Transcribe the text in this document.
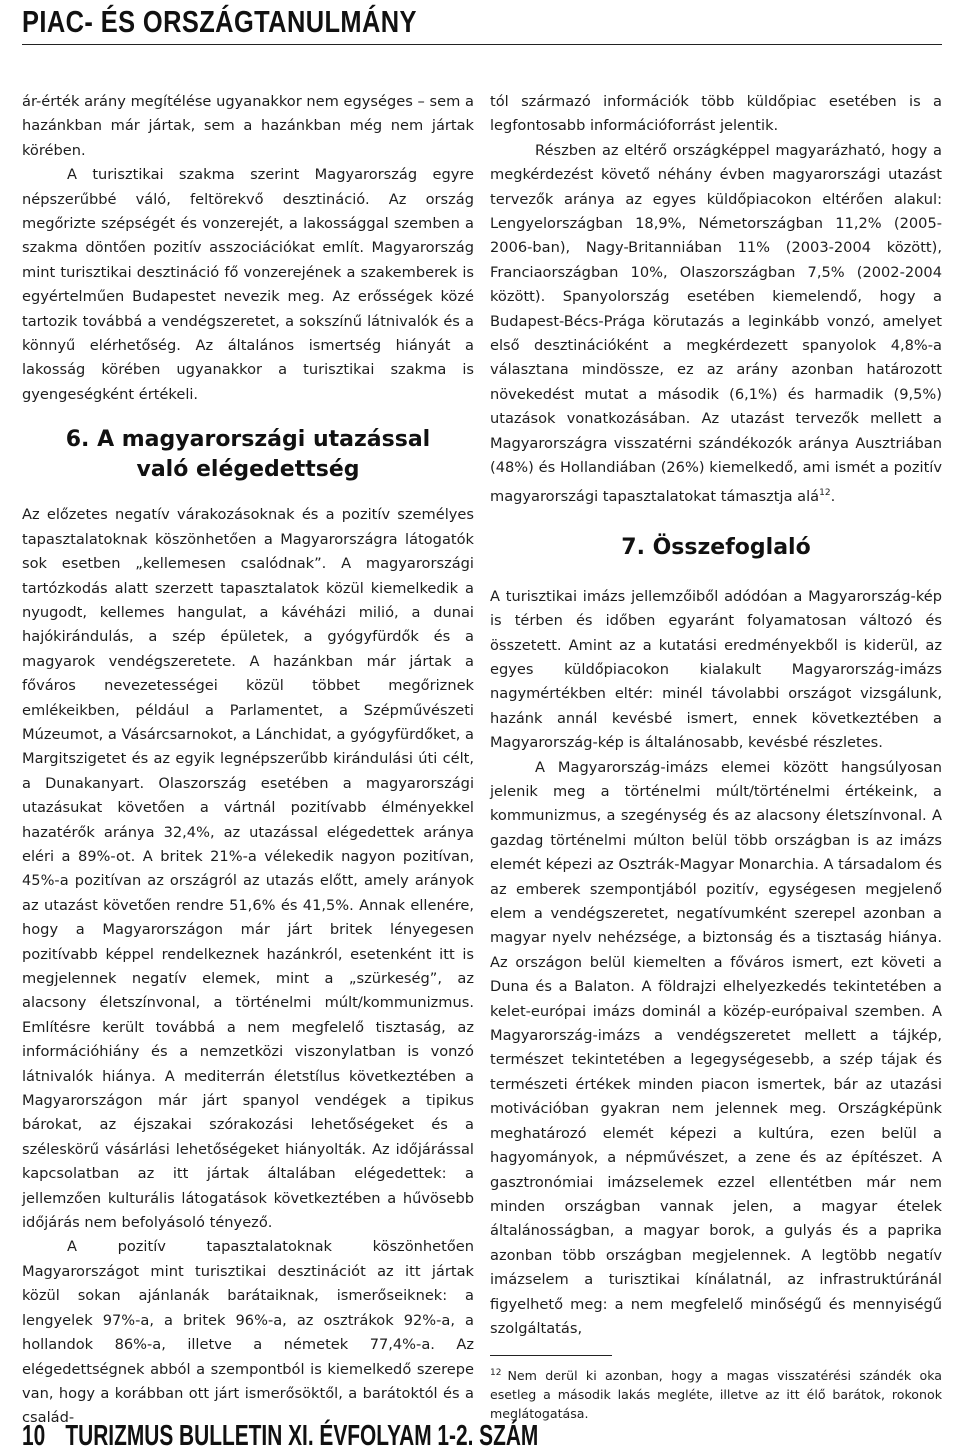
PIAC- ÉS ORSZÁGTANULMÁNY

ár-érték arány megítélése ugyanakkor nem egységes – sem a hazánkban már jártak, sem a hazánkban még nem jártak körében.

A turisztikai szakma szerint Magyarország egyre népszerűbbé váló, feltörekvő desztináció. Az ország megőrizte szépségét és vonzerejét, a lakossággal szemben a szakma döntően pozitív asszociációkat említ. Magyarország mint turisztikai desztináció fő vonzerejének a szakemberek is egyértelműen Budapestet nevezik meg. Az erősségek közé tartozik továbbá a vendégszeretet, a sokszínű látnivalók és a könnyű elérhetőség. Az általános ismertség hiányát a lakosság körében ugyanakkor a turisztikai szakma is gyengeségként értékeli.

6. A magyarországi utazással való elégedettség

Az előzetes negatív várakozásoknak és a pozitív személyes tapasztalatoknak köszönhetően a Magyarországra látogatók sok esetben „kellemesen csalódnak”. A magyarországi tartózkodás alatt szerzett tapasztalatok közül kiemelkedik a nyugodt, kellemes hangulat, a kávéházi milió, a dunai hajókirándulás, a szép épületek, a gyógyfürdők és a magyarok vendégszeretete. A hazánkban már jártak a főváros nevezetességei közül többet megőriznek emlékeikben, például a Parlamentet, a Szépművészeti Múzeumot, a Vásárcsarnokot, a Lánchidat, a gyógyfürdőket, a Margitszigetet és az egyik legnépszerűbb kirándulási úti célt, a Dunakanyart. Olaszország esetében a magyarországi utazásukat követően a vártnál pozitívabb élményekkel hazatérők aránya 32,4%, az utazással elégedettek aránya eléri a 89%-ot. A britek 21%-a vélekedik nagyon pozitívan, 45%-a pozitívan az országról az utazás előtt, amely arányok az utazást követően rendre 51,6% és 41,5%. Annak ellenére, hogy a Magyarországon már járt britek lényegesen pozitívabb képpel rendelkeznek hazánkról, esetenként itt is megjelennek negatív elemek, mint a „szürkeség”, az alacsony életszínvonal, a történelmi múlt/kommunizmus. Említésre került továbbá a nem megfelelő tisztaság, az információhiány és a nemzetközi viszonylatban is vonzó látnivalók hiánya. A mediterrán életstílus következtében a Magyarországon már járt spanyol vendégek a tipikus bárokat, az éjszakai szórakozási lehetőségeket és a széleskörű vásárlási lehetőségeket hiányolták. Az időjárással kapcsolatban az itt jártak általában elégedettek: a jellemzően kulturális látogatások következtében a hűvösebb időjárás nem befolyásoló tényező.

A pozitív tapasztalatoknak köszönhetően Magyarországot mint turisztikai desztinációt az itt jártak közül sokan ajánlanák barátaiknak, ismerőseiknek: a lengyelek 97%-a, a britek 96%-a, az osztrákok 92%-a, a hollandok 86%-a, illetve a németek 77,4%-a. Az elégedettségnek abból a szempontból is kiemelkedő szerepe van, hogy a korábban ott járt ismerősöktől, a barátoktól és a család-

tól származó információk több küldőpiac esetében is a legfontosabb információforrást jelentik.

Részben az eltérő országképpel magyarázható, hogy a megkérdezést követő néhány évben magyarországi utazást tervezők aránya az egyes küldőpiacokon eltérően alakul: Lengyelországban 18,9%, Németországban 11,2% (2005-2006-ban), Nagy-Britanniában 11% (2003-2004 között), Franciaországban 10%, Olaszországban 7,5% (2002-2004 között). Spanyolország esetében kiemelendő, hogy a Budapest-Bécs-Prága körutazás a leginkább vonzó, amelyet első desztinációként a megkérdezett spanyolok 4,8%-a választana mindössze, ez az arány azonban határozott növekedést mutat a második (6,1%) és harmadik (9,5%) utazások vonatkozásában. Az utazást tervezők mellett a Magyarországra visszatérni szándékozók aránya Ausztriában (48%) és Hollandiában (26%) kiemelkedő, ami ismét a pozitív magyarországi tapasztalatokat támasztja alá$^{12}$.

7. Összefoglaló

A turisztikai imázs jellemzőiből adódóan a Magyarország-kép is térben és időben egyaránt folyamatosan változó és összetett. Amint az a kutatási eredményekből is kiderül, az egyes küldőpiacokon kialakult Magyarország-imázs nagymértékben eltér: minél távolabbi országot vizsgálunk, hazánk annál kevésbé ismert, ennek következtében a Magyarország-kép is általánosabb, kevésbé részletes.

A Magyarország-imázs elemei között hangsúlyosan jelenik meg a történelmi múlt/történelmi értékeink, a kommunizmus, a szegénység és az alacsony életszínvonal. A gazdag történelmi múlton belül több országban is az imázs elemét képezi az Osztrák-Magyar Monarchia. A társadalom és az emberek szempontjából pozitív, egységesen megjelenő elem a vendégszeretet, negatívumként szerepel azonban a magyar nyelv nehézsége, a biztonság és a tisztaság hiánya. Az országon belül kiemelten a főváros ismert, ezt követi a Duna és a Balaton. A földrajzi elhelyezkedés tekintetében a kelet-európai imázs dominál a közép-európaival szemben. A Magyarország-imázs a vendégszeretet mellett a tájkép, természet tekintetében a legegységesebb, a szép tájak és természeti értékek minden piacon ismertek, bár az utazási motivációban gyakran nem jelennek meg. Országképünk meghatározó elemét képezi a kultúra, ezen belül a hagyományok, a népművészet, a zene és az építészet. A gasztronómiai imázselemek ezzel ellentétben már nem minden országban vannak jelen, a magyar ételek általánosságban, a magyar borok, a gulyás és a paprika azonban több országban megjelennek. A legtöbb negatív imázselem a turisztikai kínálatnál, az infrastruktúránál figyelhető meg: a nem megfelelő minőségű és mennyiségű szolgáltatás,

$^{12}$ Nem derül ki azonban, hogy a magas visszatérési szándék oka esetleg a második lakás megléte, illetve az itt élő barátok, rokonok meglátogatása.
10 TURIZMUS BULLETIN XI. ÉVFOLYAM 1-2. SZÁM
